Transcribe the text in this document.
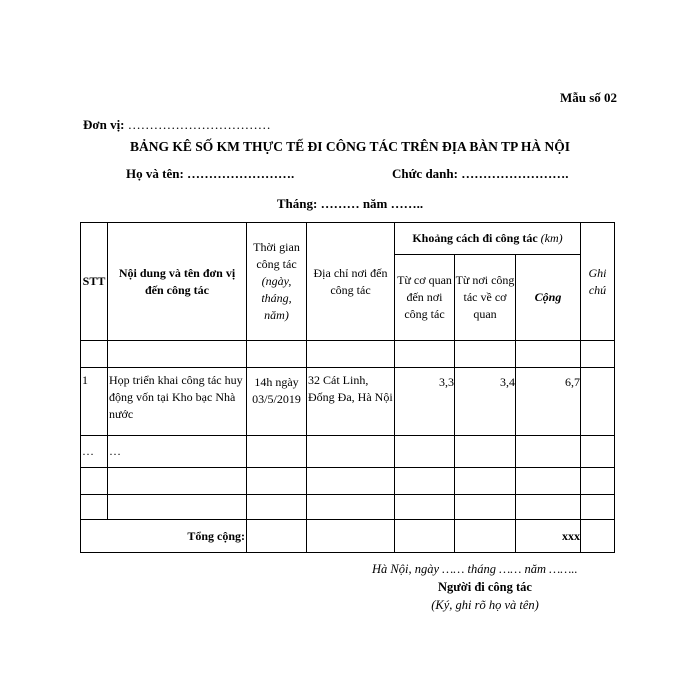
Mẫu số 02
Đơn vị: ……………………………
BẢNG KÊ SỐ KM THỰC TẾ ĐI CÔNG TÁC TRÊN ĐỊA BÀN TP HÀ NỘI
Họ và tên: …………………….	Chức danh: …………………….
Tháng: ……… năm ……..
STT	Nội dung và tên đơn vị đến công tác	Thời gian
công tác
(ngày,
tháng,
năm)	Địa chỉ nơi đến công tác	Khoảng cách đi công tác (km)			Ghi chú
				Từ cơ quan đến nơi công tác	Từ nơi công tác về cơ quan	Cộng	

1	Họp triển khai công tác huy động vốn tại Kho bạc Nhà nước	14h ngày 03/5/2019	32 Cát Linh, Đống Đa, Hà Nội	3,3	3,4	6,7	
…	…						

Tổng cộng:						xxx	
Hà Nội, ngày …… tháng …… năm ……..
Người đi công tác
(Ký, ghi rõ họ và tên)
